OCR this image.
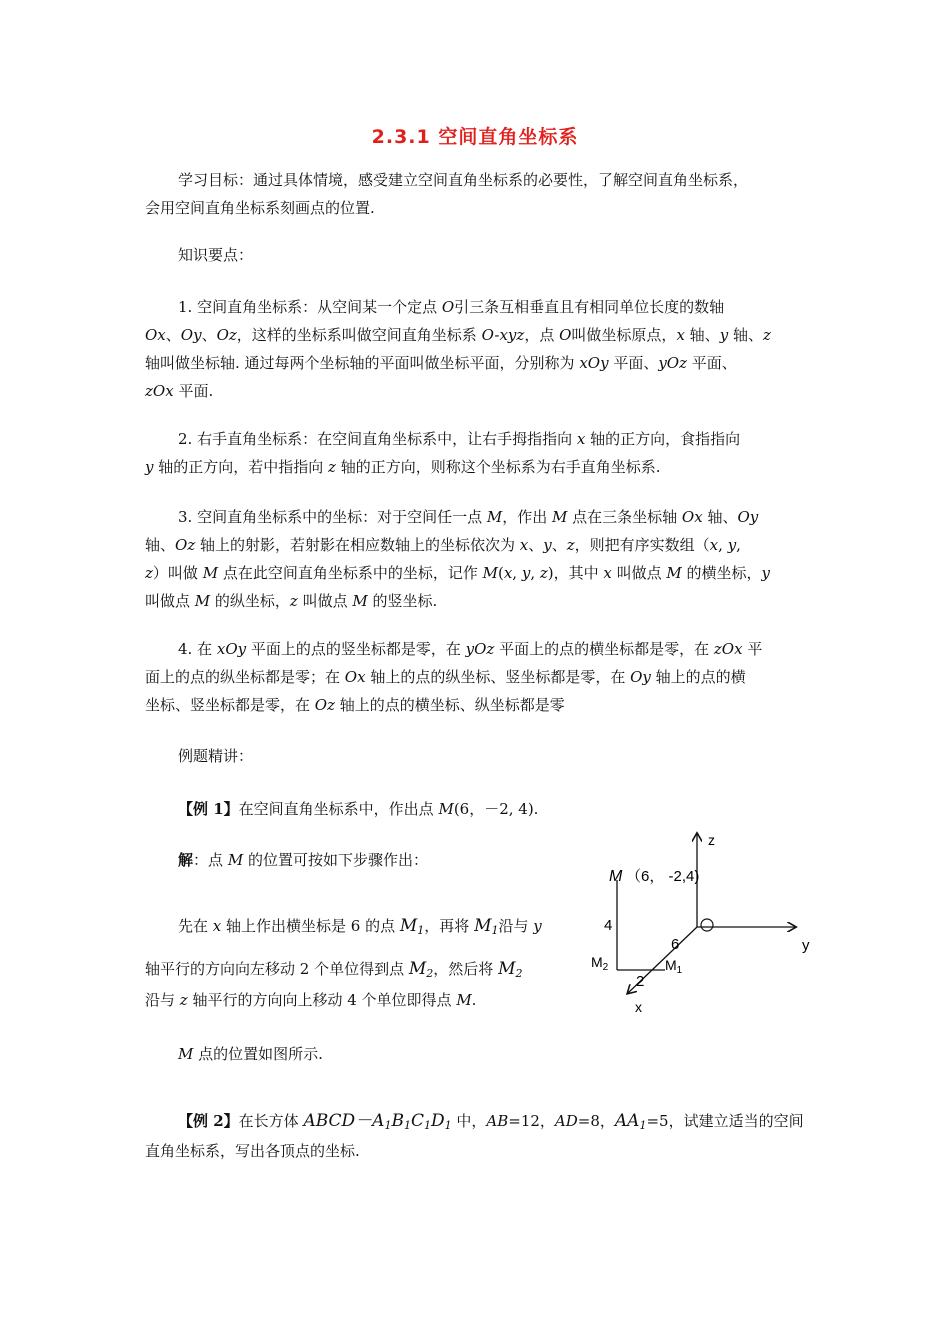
2.3.1 空间直角坐标系
学习目标：通过具体情境，感受建立空间直角坐标系的必要性，了解空间直角坐标系，
会用空间直角坐标系刻画点的位置.
知识要点：
1. 空间直角坐标系：从空间某一个定点 O引三条互相垂直且有相同单位长度的数轴
Ox、Oy、Oz，这样的坐标系叫做空间直角坐标系 O-xyz，点 O叫做坐标原点，x 轴、y 轴、z
轴叫做坐标轴. 通过每两个坐标轴的平面叫做坐标平面，分别称为 xOy 平面、yOz 平面、
zOx 平面.
2. 右手直角坐标系：在空间直角坐标系中，让右手拇指指向 x 轴的正方向，食指指向
y 轴的正方向，若中指指向 z 轴的正方向，则称这个坐标系为右手直角坐标系.
3. 空间直角坐标系中的坐标：对于空间任一点 M，作出 M 点在三条坐标轴 Ox 轴、Oy
轴、Oz 轴上的射影，若射影在相应数轴上的坐标依次为 x、y、z，则把有序实数组（x, y,
z）叫做 M 点在此空间直角坐标系中的坐标，记作 M(x, y, z)，其中 x 叫做点 M 的横坐标，y
叫做点 M 的纵坐标，z 叫做点 M 的竖坐标.
4. 在 xOy 平面上的点的竖坐标都是零，在 yOz 平面上的点的横坐标都是零，在 zOx 平
面上的点的纵坐标都是零；在 Ox 轴上的点的纵坐标、竖坐标都是零，在 Oy 轴上的点的横
坐标、竖坐标都是零，在 Oz 轴上的点的横坐标、纵坐标都是零
例题精讲：
【例 1】在空间直角坐标系中，作出点 M(6，－2, 4).
解：点 M 的位置可按如下步骤作出：
先在 x 轴上作出横坐标是 6 的点 $M_1$，再将 $M_1$沿与 y
轴平行的方向向左移动 2 个单位得到点 $M_2$，然后将 $M_2$
沿与 z 轴平行的方向向上移动 4 个单位即得点 M.
M 点的位置如图所示.
【例 2】在长方体 $ABCD-A_1B_1C_1D_1$ 中，AB=12，AD=8，$AA_1=5$，试建立适当的空间
直角坐标系，写出各顶点的坐标.
z
y
x
M （6， -2,4)
4
6
2
$M_1$
$M_2$
